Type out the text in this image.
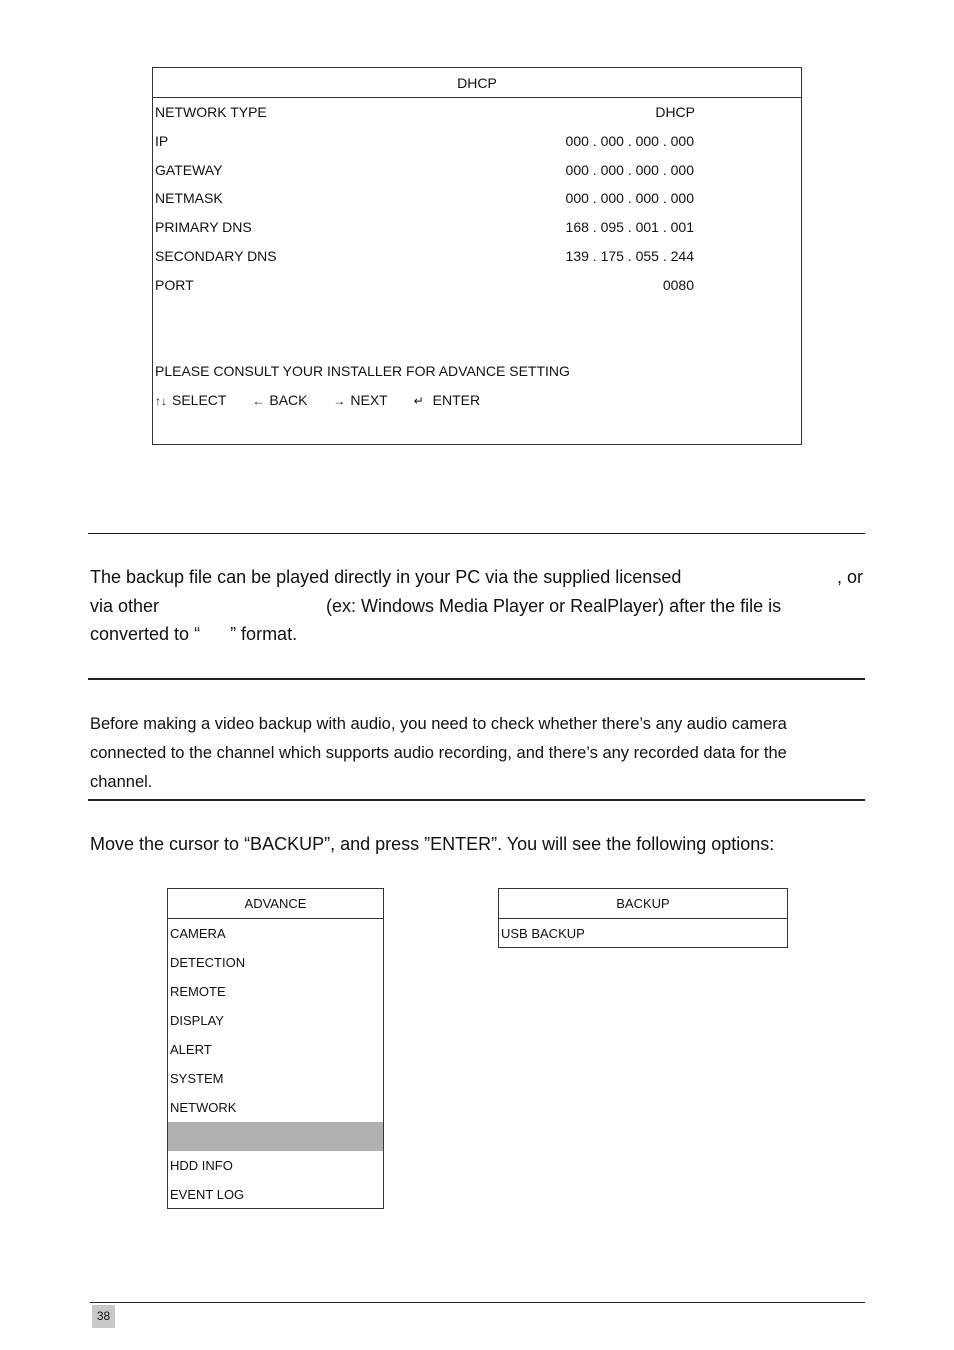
DHCP
NETWORK TYPE	DHCP
IP	000 . 000 . 000 . 000
GATEWAY	000 . 000 . 000 . 000
NETMASK	000 . 000 . 000 . 000
PRIMARY DNS	168 . 095 . 001 . 001
SECONDARY DNS	139 . 175 . 055 . 244
PORT	0080
PLEASE CONSULT YOUR INSTALLER FOR ADVANCE SETTING
↑↓ SELECT ← BACK → NEXT ↵ ENTER
The backup file can be played directly in your PC via the supplied licensed	, or
via other	(ex: Windows Media Player or RealPlayer) after the file is
converted to “      ” format.
Before making a video backup with audio, you need to check whether there’s any audio camera
connected to the channel which supports audio recording, and there’s any recorded data for the
channel.
Move the cursor to “BACKUP”, and press ”ENTER”. You will see the following options:
ADVANCE
CAMERA
DETECTION
REMOTE
DISPLAY
ALERT
SYSTEM
NETWORK
HDD INFO
EVENT LOG
BACKUP
USB BACKUP
38
